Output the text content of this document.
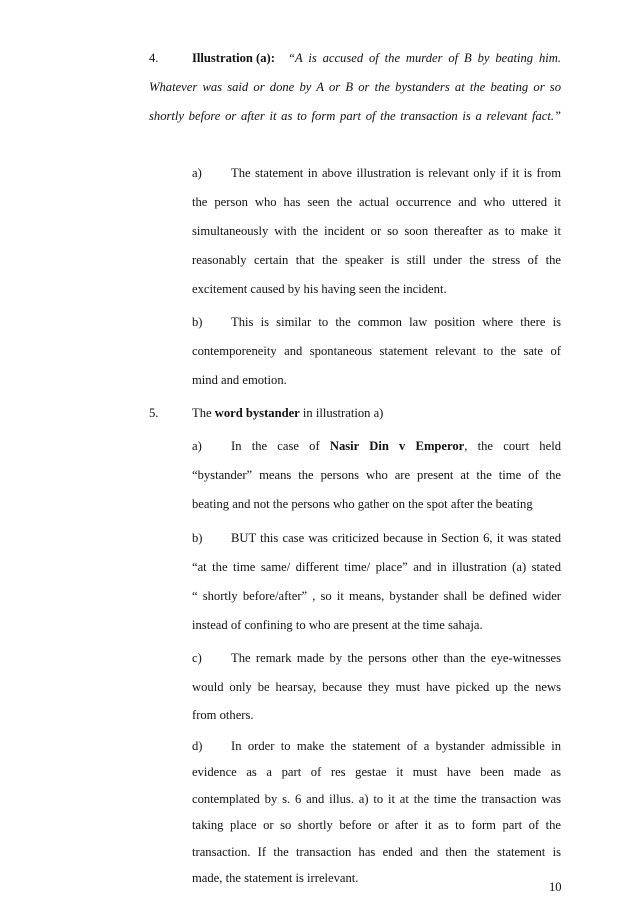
4.	Illustration (a): “A is accused of the murder of B by beating him.
Whatever was said or done by A or B or the bystanders at the beating or so
shortly before or after it as to form part of the transaction is a relevant fact.”
a) The statement in above illustration is relevant only if it is from
the person who has seen the actual occurrence and who uttered it
simultaneously with the incident or so soon thereafter as to make it
reasonably certain that the speaker is still under the stress of the
excitement caused by his having seen the incident.
b) This is similar to the common law position where there is
contemporeneity and spontaneous statement relevant to the sate of
mind and emotion.
5.	The word bystander in illustration a)
a) In the case of Nasir Din v Emperor, the court held
“bystander” means the persons who are present at the time of the
beating and not the persons who gather on the spot after the beating
b) BUT this case was criticized because in Section 6, it was stated
“at the time same/ different time/ place” and in illustration (a) stated
“ shortly before/after” , so it means, bystander shall be defined wider
instead of confining to who are present at the time sahaja.
c) The remark made by the persons other than the eye-witnesses
would only be hearsay, because they must have picked up the news
from others.
d) In order to make the statement of a bystander admissible in
evidence as a part of res gestae it must have been made as
contemplated by s. 6 and illus. a) to it at the time the transaction was
taking place or so shortly before or after it as to form part of the
transaction. If the transaction has ended and then the statement is
made, the statement is irrelevant.
10
